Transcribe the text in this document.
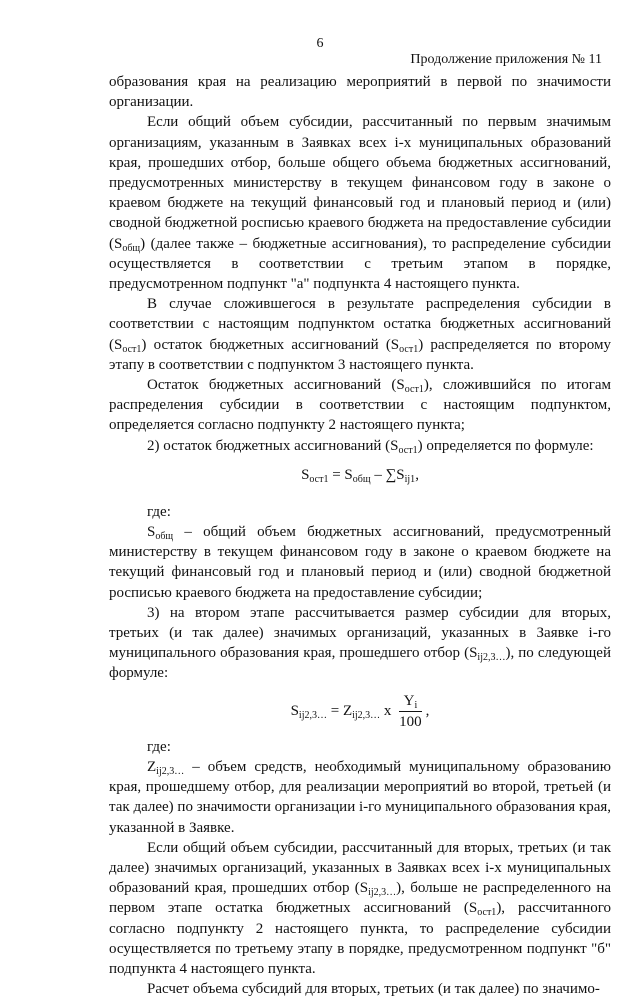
6
Продолжение приложения № 11

образования края на реализацию мероприятий в первой по значимости организации.

Если общий объем субсидии, рассчитанный по первым значимым организациям, указанным в Заявках всех i-х муниципальных образований края, прошедших отбор, больше общего объема бюджетных ассигнований, предусмотренных министерству в текущем финансовом году в законе о краевом бюджете на текущий финансовый год и плановый период и (или) сводной бюджетной росписью краевого бюджета на предоставление субсидии $(S_{общ})$ (далее также – бюджетные ассигнования), то распределение субсидии осуществляется в соответствии с третьим этапом в порядке, предусмотренном подпункт "а" подпункта 4 настоящего пункта.

В случае сложившегося в результате распределения субсидии в соответствии с настоящим подпунктом остатка бюджетных ассигнований $(S_{ост1})$ остаток бюджетных ассигнований $(S_{ост1})$ распределяется по второму этапу в соответствии с подпунктом 3 настоящего пункта.

Остаток бюджетных ассигнований $(S_{ост1})$, сложившийся по итогам распределения субсидии в соответствии с настоящим подпунктом, определяется согласно подпункту 2 настоящего пункта;

2) остаток бюджетных ассигнований $(S_{ост1})$ определяется по формуле:

$S_{ост1} = S_{общ} - \sum S_{ij1}$,

где:

$S_{общ}$ – общий объем бюджетных ассигнований, предусмотренный министерству в текущем финансовом году в законе о краевом бюджете на текущий финансовый год и плановый период и (или) сводной бюджетной росписью краевого бюджета на предоставление субсидии;

3) на втором этапе рассчитывается размер субсидии для вторых, третьих (и так далее) значимых организаций, указанных в Заявке i-го муниципального образования края, прошедшего отбор $(S_{ij2,3\dots})$, по следующей формуле:

$S_{ij2,3\dots} = Z_{ij2,3\dots}$ x $\frac{Y_i}{100}$ ,

где:

$Z_{ij2,3\dots}$ – объем средств, необходимый муниципальному образованию края, прошедшему отбор, для реализации мероприятий во второй, третьей (и так далее) по значимости организации i-го муниципального образования края, указанной в Заявке.

Если общий объем субсидии, рассчитанный для вторых, третьих (и так далее) значимых организаций, указанных в Заявках всех i-х муниципальных образований края, прошедших отбор $(S_{ij2,3\dots})$, больше не распределенного на первом этапе остатка бюджетных ассигнований $(S_{ост1})$, рассчитанного согласно подпункту 2 настоящего пункта, то распределение субсидии осуществляется по третьему этапу в порядке, предусмотренном подпункт "б" подпункта 4 настоящего пункта.

Расчет объема субсидий для вторых, третьих (и так далее) по значимо-
